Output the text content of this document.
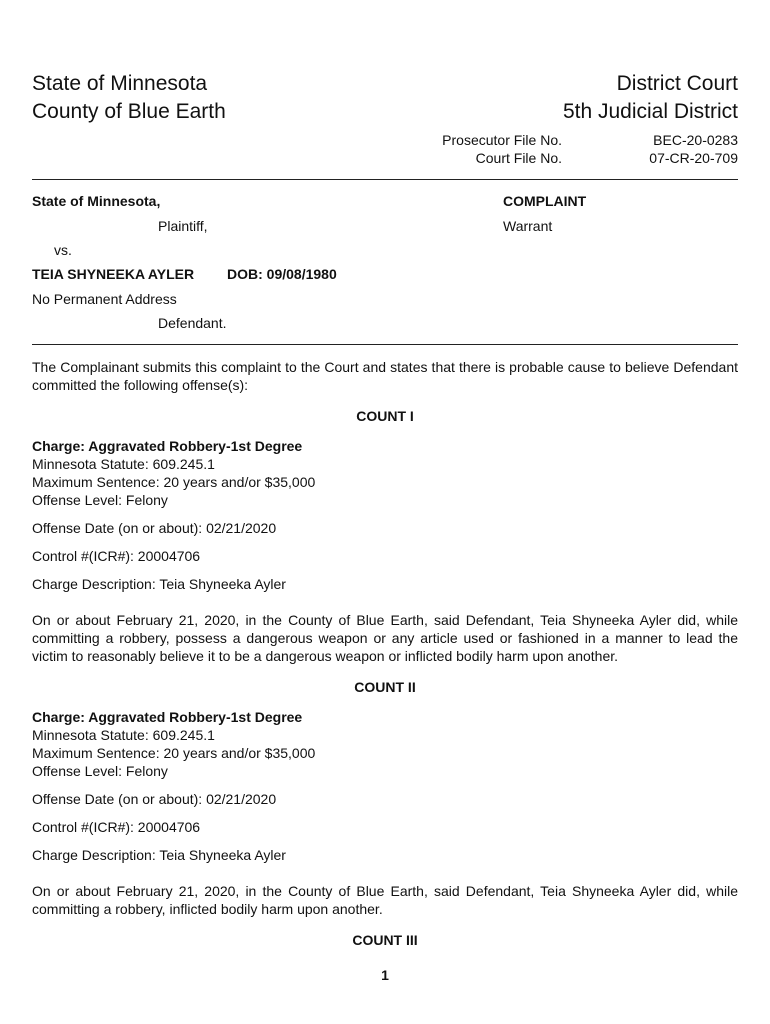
State of Minnesota
County of Blue Earth
District Court
5th Judicial District
Prosecutor File No.	BEC-20-0283
Court File No.	07-CR-20-709
State of Minnesota,
Plaintiff,
vs.
TEIA SHYNEEKA AYLER DOB: 09/08/1980
No Permanent Address
Defendant.
COMPLAINT
Warrant
The Complainant submits this complaint to the Court and states that there is probable cause to believe Defendant committed the following offense(s):
COUNT I
Charge: Aggravated Robbery-1st Degree
Minnesota Statute: 609.245.1
Maximum Sentence: 20 years and/or $35,000
Offense Level: Felony
Offense Date (on or about): 02/21/2020
Control #(ICR#): 20004706
Charge Description: Teia Shyneeka Ayler
On or about February 21, 2020, in the County of Blue Earth, said Defendant, Teia Shyneeka Ayler did, while committing a robbery, possess a dangerous weapon or any article used or fashioned in a manner to lead the victim to reasonably believe it to be a dangerous weapon or inflicted bodily harm upon another.
COUNT II
Charge: Aggravated Robbery-1st Degree
Minnesota Statute: 609.245.1
Maximum Sentence: 20 years and/or $35,000
Offense Level: Felony
Offense Date (on or about): 02/21/2020
Control #(ICR#): 20004706
Charge Description: Teia Shyneeka Ayler
On or about February 21, 2020, in the County of Blue Earth, said Defendant, Teia Shyneeka Ayler did, while committing a robbery, inflicted bodily harm upon another.
COUNT III
1
